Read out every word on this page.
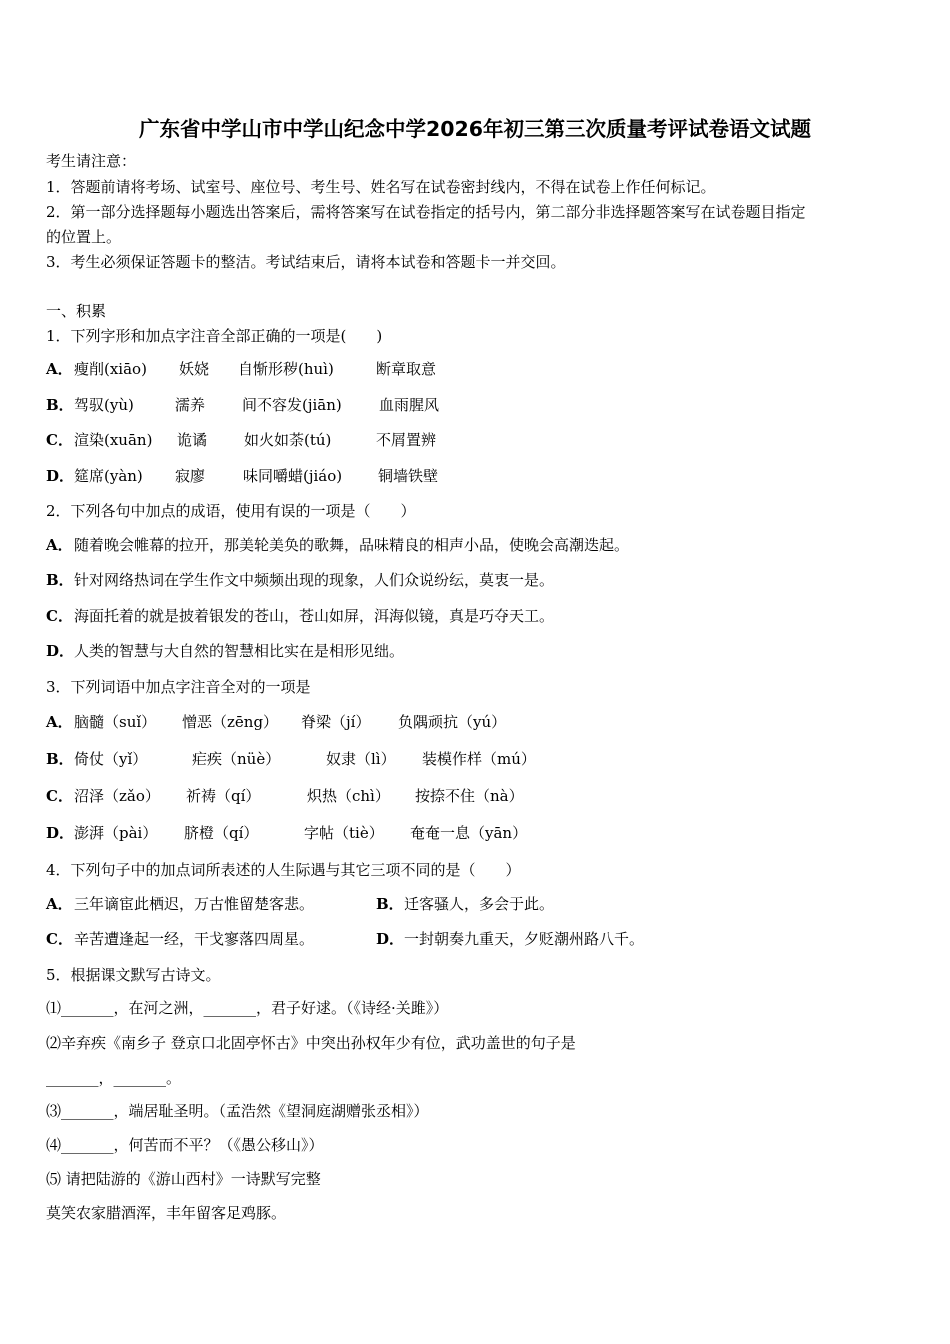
广东省中学山市中学山纪念中学2026年初三第三次质量考评试卷语文试题
考生请注意：
1．答题前请将考场、试室号、座位号、考生号、姓名写在试卷密封线内，不得在试卷上作任何标记。
2．第一部分选择题每小题选出答案后，需将答案写在试卷指定的括号内，第二部分非选择题答案写在试卷题目指定
的位置上。
3．考生必须保证答题卡的整洁。考试结束后，请将本试卷和答题卡一并交回。
一、积累
1．下列字形和加点字注音全部正确的一项是(　　)
A． 瘦削(xiāo) 妖娆 自惭形秽(huì)	断章取意
B． 驾驭(yù)	濡养 间不容发(jiān) 血雨腥风
C． 渲染(xuān) 诡谲 如火如荼(tú)	不屑置辨
D． 筵席(yàn) 寂廖	味同嚼蜡(jiáo) 铜墙铁壁
2．下列各句中加点的成语，使用有误的一项是（　　）
A． 随着晚会帷幕的拉开，那美轮美奂的歌舞，品味精良的相声小品，使晚会高潮迭起。
B． 针对网络热词在学生作文中频频出现的现象，人们众说纷纭，莫衷一是。
C． 海面托着的就是披着银发的苍山，苍山如屏，洱海似镜，真是巧夺天工。
D． 人类的智慧与大自然的智慧相比实在是相形见绌。
3．下列词语中加点字注音全对的一项是
A． 脑髓（suǐ） 憎恶（zēng） 脊梁（jí） 负隅顽抗（yú）
B． 倚仗（yǐ）	疟疾（nüè）	奴隶（lì） 装模作样（mú）
C． 沼泽（zǎo） 祈祷（qí）	炽热（chì） 按捺不住（nà）
D． 澎湃（pài） 脐橙（qí）	字帖（tiè） 奄奄一息（yān）
4．下列句子中的加点词所表述的人生际遇与其它三项不同的是（　　）
A． 三年谪宦此栖迟，万古惟留楚客悲。	B． 迁客骚人，多会于此。
C． 辛苦遭逢起一经，干戈寥落四周星。	D． 一封朝奏九重天，夕贬潮州路八千。
5．根据课文默写古诗文。
⑴_______，在河之洲，_______，君子好逑。（《诗经·关雎》）
⑵辛弃疾《南乡子 登京口北固亭怀古》中突出孙权年少有位，武功盖世的句子是
_______，_______。
⑶_______，端居耻圣明。（孟浩然《望洞庭湖赠张丞相》）
⑷_______，何苦而不平？（《愚公移山》）
⑸ 请把陆游的《游山西村》一诗默写完整
莫笑农家腊酒浑，丰年留客足鸡豚。
